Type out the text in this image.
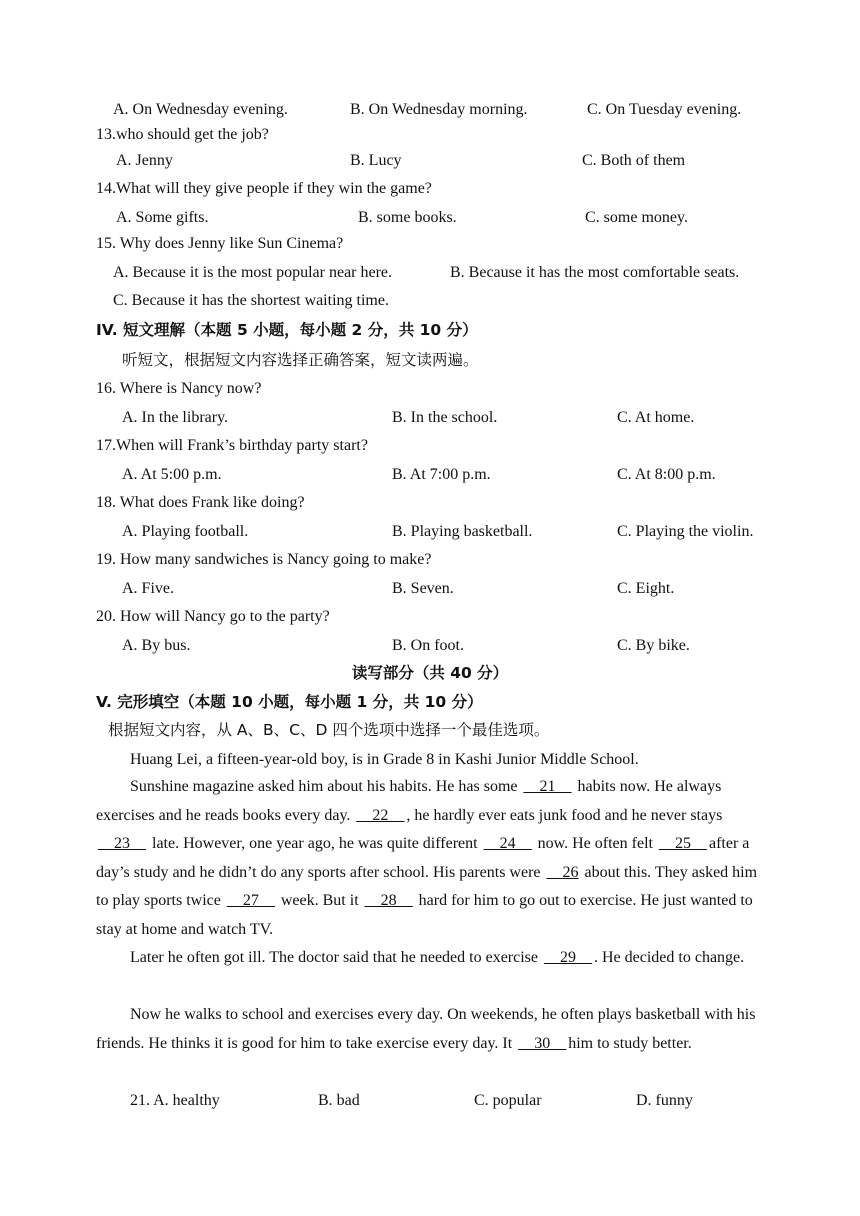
A. On Wednesday evening.	B. On Wednesday morning.	C. On Tuesday evening.
13.who should get the job?
A. Jenny	B. Lucy	C. Both of them
14.What will they give people if they win the game?
A. Some gifts.	B. some books.	C. some money.
15. Why does Jenny like Sun Cinema?
A. Because it is the most popular near here.	B. Because it has the most comfortable seats.
C. Because it has the shortest waiting time.
IV. 短文理解（本题 5 小题，每小题 2 分，共 10 分）
听短文，根据短文内容选择正确答案，短文读两遍。
16. Where is Nancy now?
A. In the library.	B. In the school.	C. At home.
17.When will Frank’s birthday party start?
A. At 5:00 p.m.	B. At 7:00 p.m.	C. At 8:00 p.m.
18. What does Frank like doing?
A. Playing football.	B. Playing basketball.	C. Playing the violin.
19. How many sandwiches is Nancy going to make?
A. Five.	B. Seven.	C. Eight.
20. How will Nancy go to the party?
A. By bus.	B. On foot.	C. By bike.
读写部分（共 40 分）
V. 完形填空（本题 10 小题，每小题 1 分，共 10 分）
根据短文内容，从 A、B、C、D 四个选项中选择一个最佳选项。
Huang Lei, a fifteen-year-old boy, is in Grade 8 in Kashi Junior Middle School.
Sunshine magazine asked him about his habits. He has some __21__ habits now. He always exercises and he reads books every day. __22__ , he hardly ever eats junk food and he never stays __23__ late. However, one year ago, he was quite different __24__ now. He often felt __25__ after a day’s study and he didn’t do any sports after school. His parents were __26 about this. They asked him to play sports twice __27__ week. But it __28__ hard for him to go out to exercise. He just wanted to stay at home and watch TV.
Later he often got ill. The doctor said that he needed to exercise __29__ . He decided to change.
Now he walks to school and exercises every day. On weekends, he often plays basketball with his friends. He thinks it is good for him to take exercise every day. It __30__ him to study better.
21. A. healthy	B. bad	C. popular	D. funny
